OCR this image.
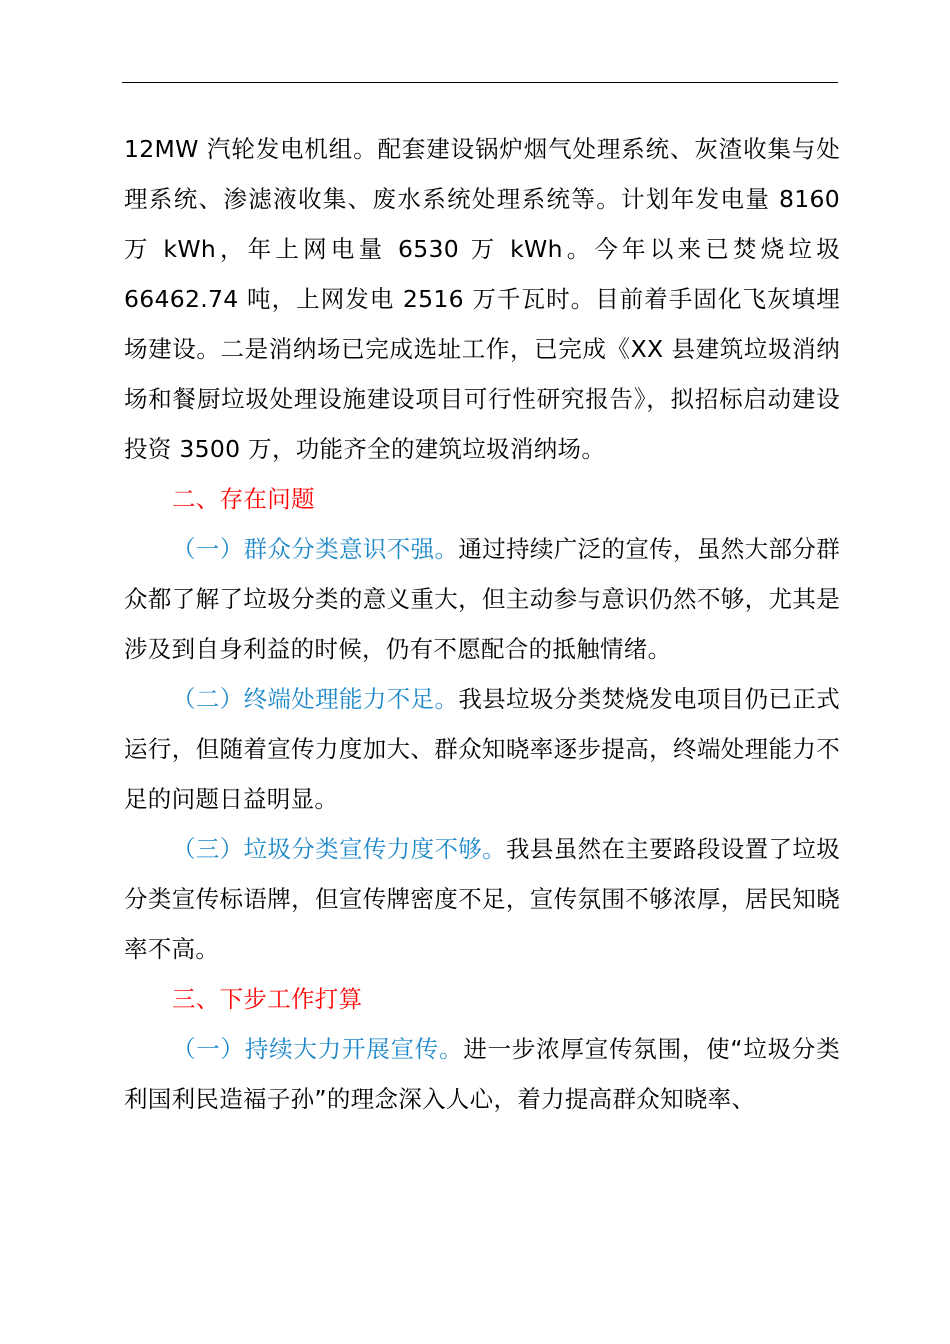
12MW 汽轮发电机组。配套建设锅炉烟气处理系统、灰渣收集与处理系统、渗滤液收集、废水系统处理系统等。计划年发电量 8160 万 kWh，年上网电量 6530 万 kWh。今年以来已焚烧垃圾 66462.74 吨，上网发电 2516 万千瓦时。目前着手固化飞灰填埋场建设。二是消纳场已完成选址工作，已完成《XX 县建筑垃圾消纳场和餐厨垃圾处理设施建设项目可行性研究报告》，拟招标启动建设投资 3500 万，功能齐全的建筑垃圾消纳场。

二、存在问题

（一）群众分类意识不强。通过持续广泛的宣传，虽然大部分群众都了解了垃圾分类的意义重大，但主动参与意识仍然不够，尤其是涉及到自身利益的时候，仍有不愿配合的抵触情绪。

（二）终端处理能力不足。我县垃圾分类焚烧发电项目仍已正式运行，但随着宣传力度加大、群众知晓率逐步提高，终端处理能力不足的问题日益明显。

（三）垃圾分类宣传力度不够。我县虽然在主要路段设置了垃圾分类宣传标语牌，但宣传牌密度不足，宣传氛围不够浓厚，居民知晓率不高。

三、下步工作打算

（一）持续大力开展宣传。进一步浓厚宣传氛围，使“垃圾分类利国利民造福子孙”的理念深入人心，着力提高群众知晓率、
